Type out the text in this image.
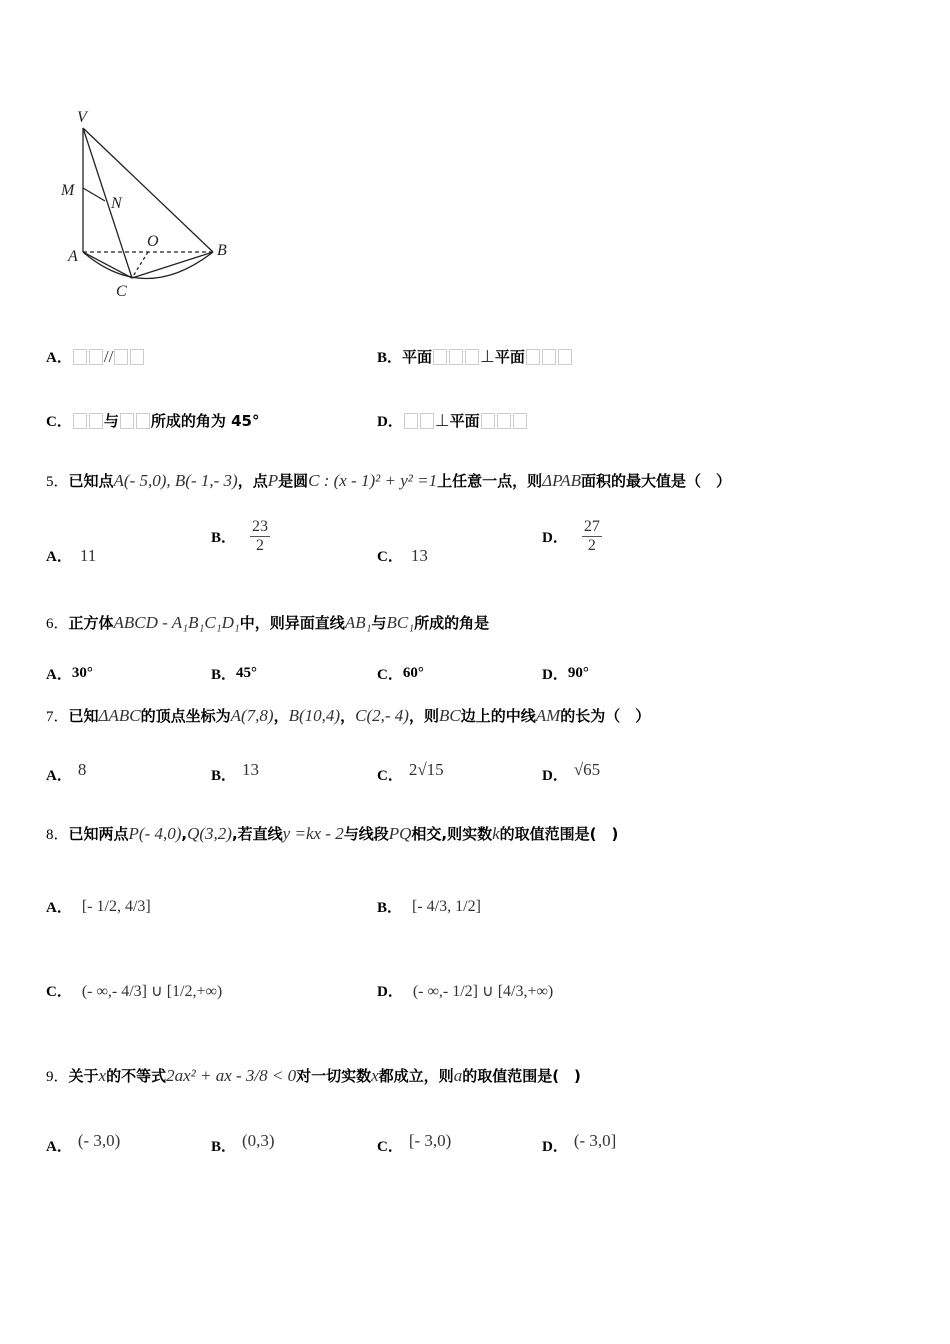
V
M
N
A
O
B
C
A． //	B． 平面	⊥ 平面
C． 与 所成的角为 45°	D． ⊥ 平面
5． 已知点 A(- 5,0), B(- 1,- 3) ，点 P 是圆 C : (x - 1)² + y² =1 上任意一点，则 ΔPAB 面积的最大值是（　）
A． 11
B． $\frac{23}{2}$
C． 13
D． $\frac{27}{2}$
6． 正方体 ABCD - A₁B₁C₁D₁ 中，则异面直线 AB₁ 与 BC₁ 所成的角是
A． 30°	B． 45°	C． 60°	D． 90°
7． 已知 ΔABC 的顶点坐标为 A(7,8) ， B(10,4) ， C(2,- 4) ，则 BC 边上的中线 AM 的长为（　）
A． 8	B． 13	C． 2√15	D． √65
8． 已知两点 P(- 4,0) , Q(3,2) ,若直线 y =kx - 2 与线段 PQ 相交,则实数 k 的取值范围是(　)
A． [- 1/2, 4/3]	B． [- 4/3, 1/2]
C． (- ∞,- 4/3] ∪ [1/2,+∞)	D． (- ∞,- 1/2] ∪ [4/3,+∞)
9． 关于 x 的不等式 2ax² + ax - 3/8 < 0 对一切实数 x 都成立，则 a 的取值范围是(　)
A． (- 3,0)	B． (0,3)	C． [- 3,0)	D． (- 3,0]
